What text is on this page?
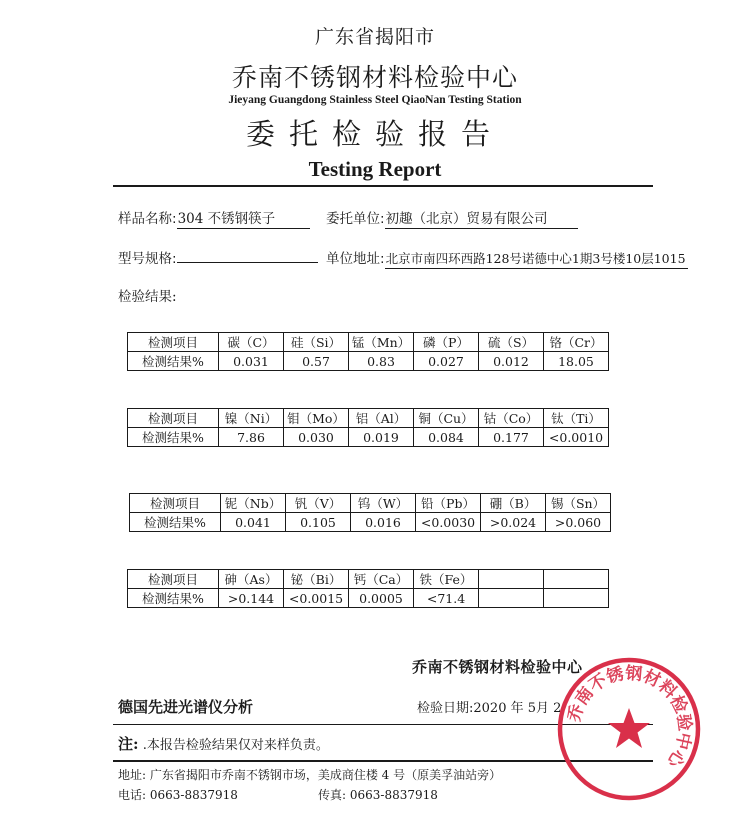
广东省揭阳市
乔南不锈钢材料检验中心
Jieyang Guangdong Stainless Steel QiaoNan Testing Station
委托检验报告
Testing Report
样品名称:304 不锈钢筷子	委托单位:初趣（北京）贸易有限公司
型号规格:	单位地址:北京市南四环西路128号诺德中心1期3号楼10层1015
检验结果:
检测项目	碳（C）	硅（Si）	锰（Mn）	磷（P）	硫（S）	铬（Cr）
检测结果%	0.031	0.57	0.83	0.027	0.012	18.05
检测项目	镍（Ni）	钼（Mo）	铝（Al）	铜（Cu）	钴（Co）	钛（Ti）
检测结果%	7.86	0.030	0.019	0.084	0.177	<0.0010
检测项目	铌（Nb）	钒（V）	钨（W）	铅（Pb）	硼（B）	锡（Sn）
检测结果%	0.041	0.105	0.016	<0.0030	>0.024	>0.060
检测项目	砷（As）	铋（Bi）	钙（Ca）	铁（Fe）		
检测结果%	>0.144	<0.0015	0.0005	<71.4		
乔南不锈钢材料检验中心
德国先进光谱仪分析	检验日期:2020 年 5月 2
注: .本报告检验结果仅对来样负责。
地址: 广东省揭阳市乔南不锈钢市场，美成商住楼 4 号（原美孚油站旁）
电话: 0663-8837918	传真: 0663-8837918
乔南不锈钢材料检验中心
